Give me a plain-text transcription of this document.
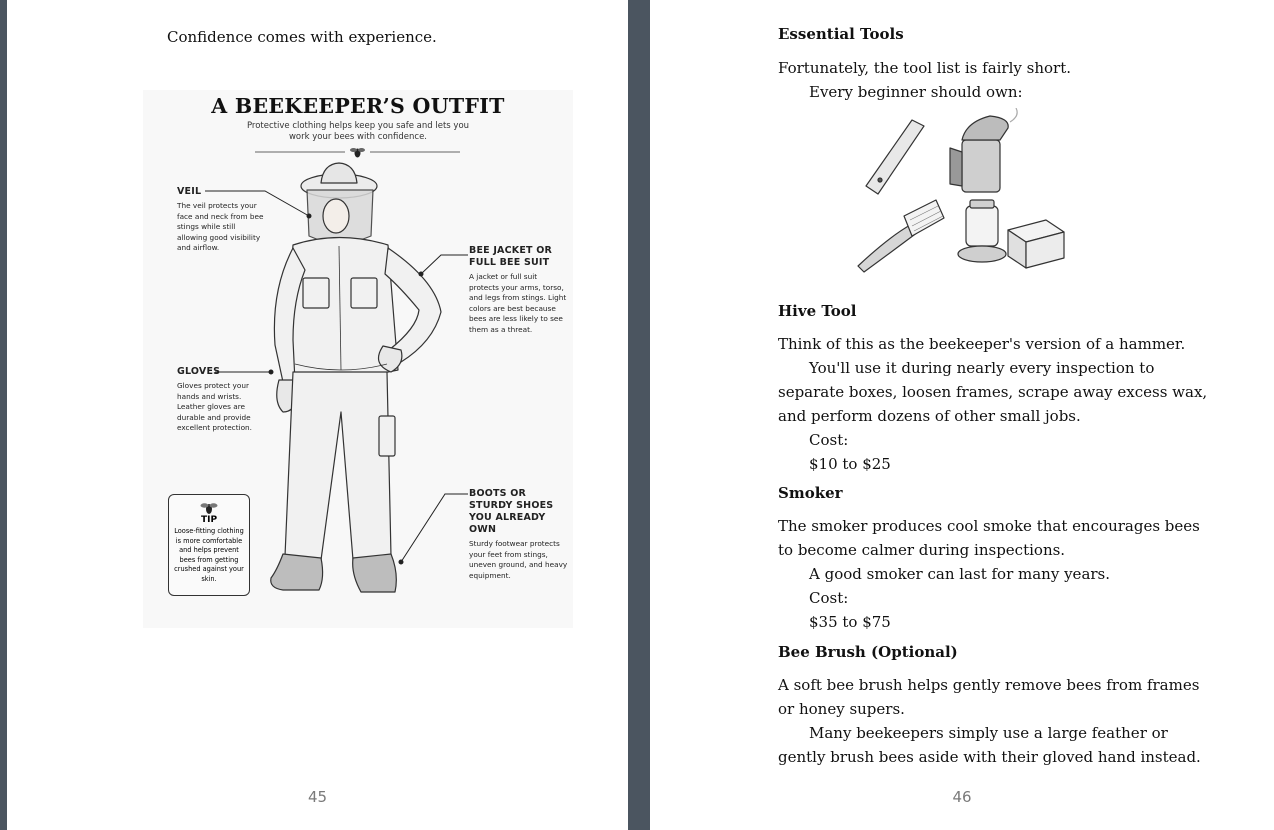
Confidence comes with experience.
A BEEKEEPER’S OUTFIT
Protective clothing helps keep you safe and lets you work your bees with confidence.
VEIL
The veil protects your face and neck from bee stings while still allowing good visibility and airflow.	BEE JACKET OR FULL BEE SUIT
A jacket or full suit protects your arms, torso, and legs from stings. Light colors are best because bees are less likely to see them as a threat.
GLOVES
Gloves protect your hands and wrists. Leather gloves are durable and provide excellent protection.
BOOTS OR STURDY SHOES YOU ALREADY OWN
Sturdy footwear protects your feet from stings, uneven ground, and heavy equipment.
TIP
Loose-fitting clothing is more comfortable and helps prevent bees from getting crushed against your skin.
45
Essential Tools
Fortunately, the tool list is fairly short.
Every beginner should own:
Hive Tool
Think of this as the beekeeper's version of a hammer.
You'll use it during nearly every inspection to separate boxes, loosen frames, scrape away excess wax, and perform dozens of other small jobs.
Cost:
$10 to $25
Smoker
The smoker produces cool smoke that encourages bees to become calmer during inspections.
A good smoker can last for many years.
Cost:
$35 to $75
Bee Brush (Optional)
A soft bee brush helps gently remove bees from frames or honey supers.
Many beekeepers simply use a large feather or gently brush bees aside with their gloved hand instead.
46
